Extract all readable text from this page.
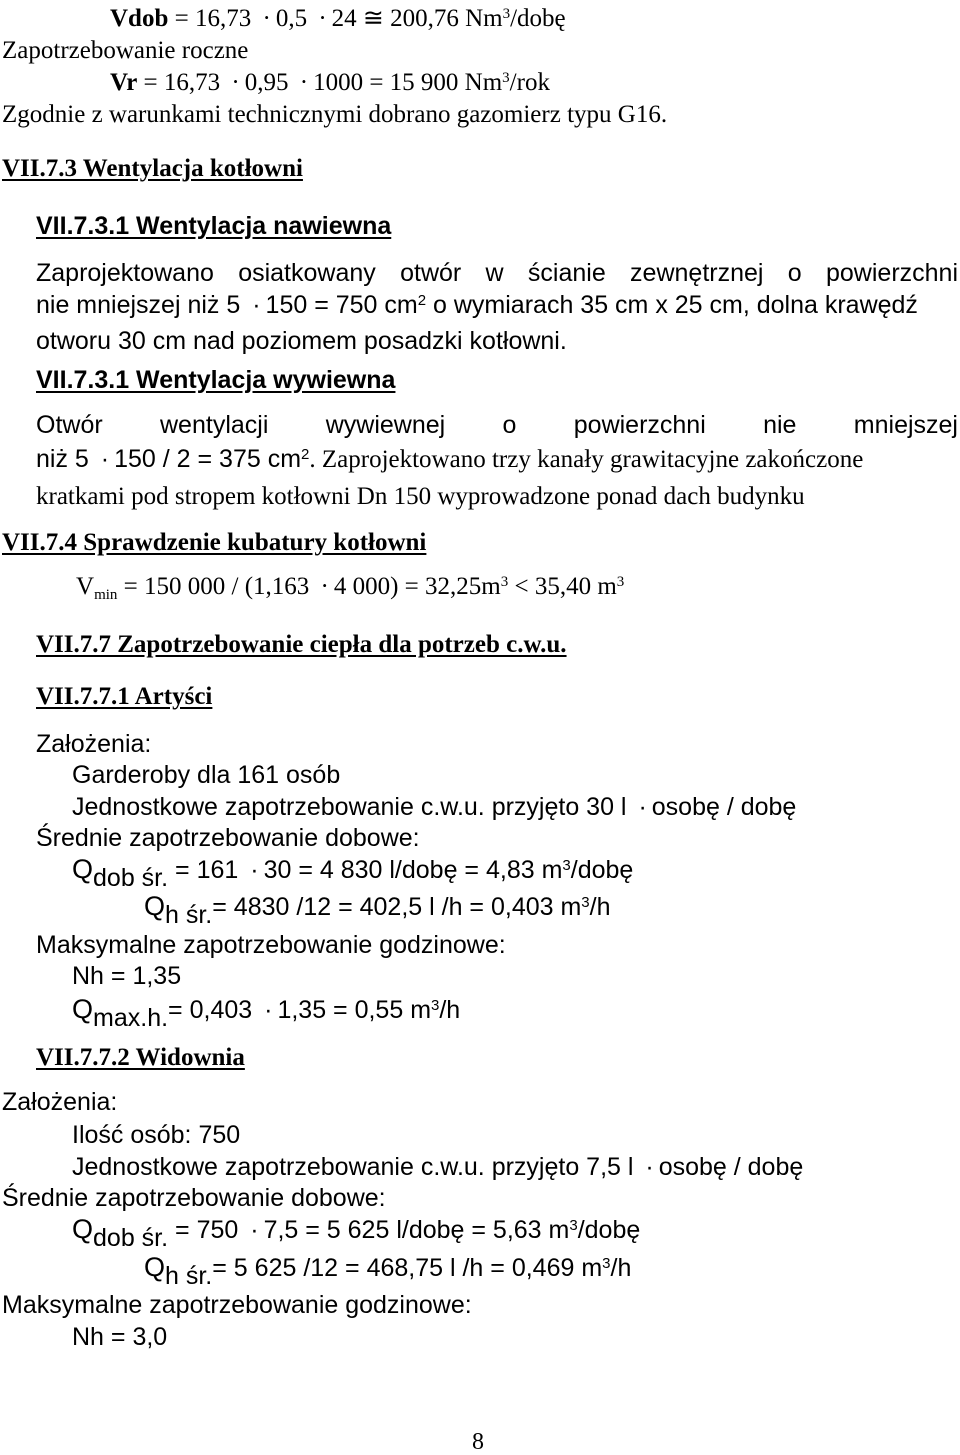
Vdob = 16,73 · 0,5 · 24 ≅ 200,76 Nm$^3$/dobę
Zapotrzebowanie roczne
Vr = 16,73 · 0,95 · 1000 = 15 900 Nm$^3$/rok
Zgodnie z warunkami technicznymi dobrano gazomierz typu G16.
VII.7.3 Wentylacja kotłowni
VII.7.3.1 Wentylacja nawiewna
Zaprojektowano osiatkowany otwór w ścianie zewnętrznej o powierzchni
nie mniejszej niż 5 · 150 = 750 $cm^2$ o wymiarach 35 cm x 25 cm, dolna krawędź
otworu 30 cm nad poziomem posadzki kotłowni.
VII.7.3.1 Wentylacja wywiewna
Otwór wentylacji wywiewnej o powierzchni nie mniejszej
niż 5 · 150 / 2 = 375 $cm^2$. Zaprojektowano trzy kanały grawitacyjne zakończone
kratkami pod stropem kotłowni Dn 150 wyprowadzone ponad dach budynku
VII.7.4 Sprawdzenie kubatury kotłowni
$V_{min} = 150$ 000 / (1,163 · 4 $000) = 32,25m^3 < 35,40$ $m^3$
VII.7.7 Zapotrzebowanie ciepła dla potrzeb c.w.u.
VII.7.7.1 Artyści
Założenia:
Garderoby dla 161 osób
Jednostkowe zapotrzebowanie c.w.u. przyjęto 30 l · osobę / dobę
Średnie zapotrzebowanie dobowe:
$Q_{dob śr.} = 161 \cdot 30 = 4$ 830 l/dobę = 4,83 $m^3$/dobę
$Q_{h śr.}= 4830$ /12 = 402,5 l /h = 0,403 $m^3/h$
Maksymalne zapotrzebowanie godzinowe:
Nh = 1,35
$Q_{max.h.}= 0,403 \cdot 1,35 = 0,55$ $m^3/h$
VII.7.7.2 Widownia
Założenia:
Ilość osób: 750
Jednostkowe zapotrzebowanie c.w.u. przyjęto 7,5 l · osobę / dobę
Średnie zapotrzebowanie dobowe:
$Q_{dob śr.} = 750 \cdot 7,5 = 5$ 625 l/dobę = 5,63 $m^3$/dobę
$Q_{h śr.}= 5$ 625 /12 = 468,75 l /h = 0,469 $m^3/h$
Maksymalne zapotrzebowanie godzinowe:
Nh = 3,0
8
